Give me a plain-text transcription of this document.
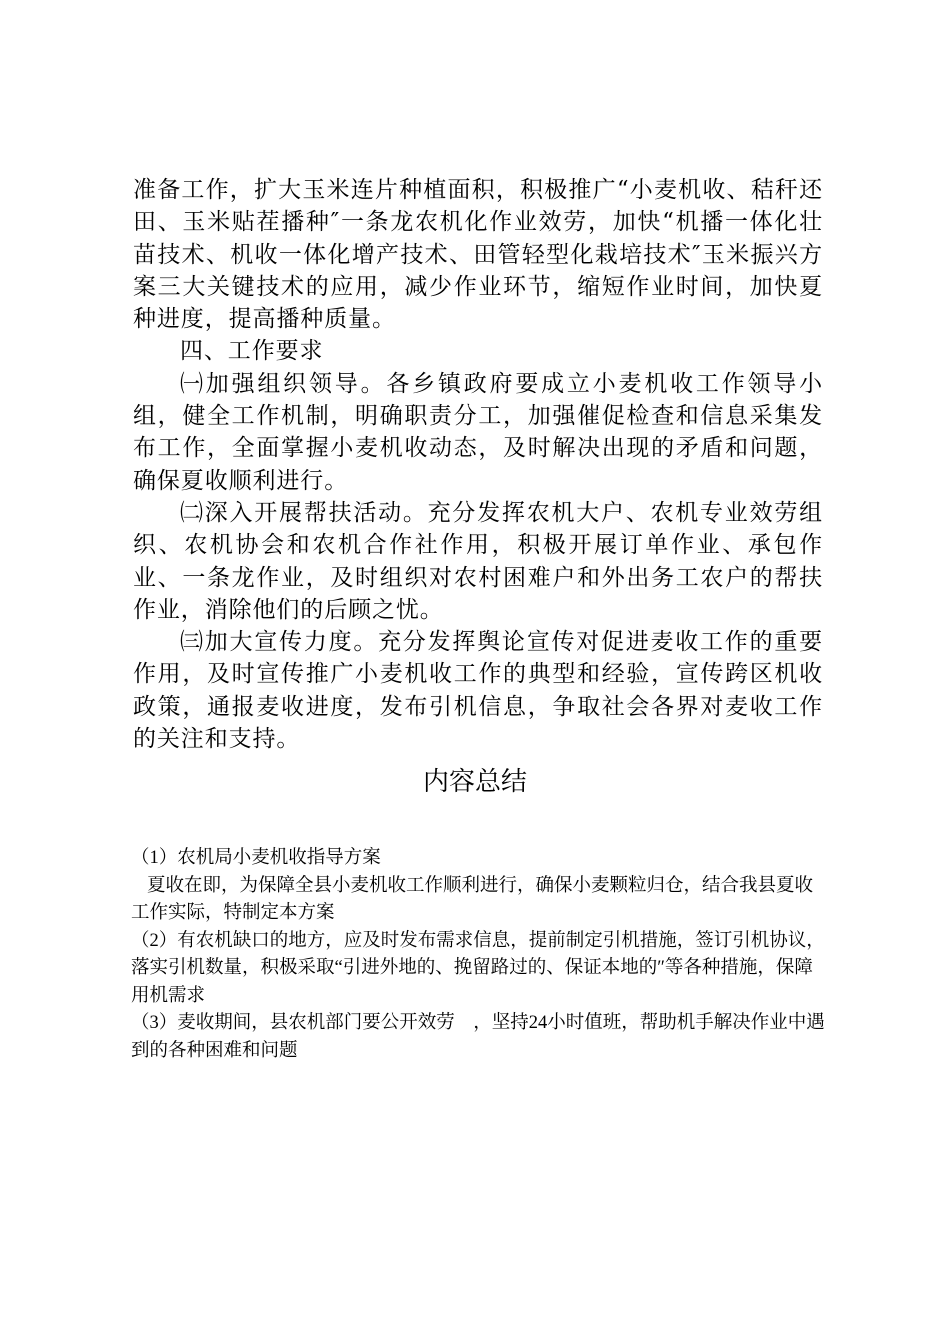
准备工作，扩大玉米连片种植面积，积极推广“小麦机收、秸秆还田、玉米贴茬播种″一条龙农机化作业效劳，加快“机播一体化壮苗技术、机收一体化增产技术、田管轻型化栽培技术″玉米振兴方案三大关键技术的应用，减少作业环节，缩短作业时间，加快夏种进度，提高播种质量。

四、工作要求

㈠加强组织领导。各乡镇政府要成立小麦机收工作领导小组，健全工作机制，明确职责分工，加强催促检查和信息采集发布工作，全面掌握小麦机收动态，及时解决出现的矛盾和问题，确保夏收顺利进行。

㈡深入开展帮扶活动。充分发挥农机大户、农机专业效劳组织、农机协会和农机合作社作用，积极开展订单作业、承包作业、一条龙作业，及时组织对农村困难户和外出务工农户的帮扶作业，消除他们的后顾之忧。

㈢加大宣传力度。充分发挥舆论宣传对促进麦收工作的重要作用，及时宣传推广小麦机收工作的典型和经验，宣传跨区机收政策，通报麦收进度，发布引机信息，争取社会各界对麦收工作的关注和支持。

内容总结

（1）农机局小麦机收指导方案

夏收在即，为保障全县小麦机收工作顺利进行，确保小麦颗粒归仓，结合我县夏收工作实际，特制定本方案

（2）有农机缺口的地方，应及时发布需求信息，提前制定引机措施，签订引机协议，落实引机数量，积极采取“引进外地的、挽留路过的、保证本地的″等各种措施，保障用机需求

（3）麦收期间，县农机部门要公开效劳　，坚持24小时值班，帮助机手解决作业中遇到的各种困难和问题
